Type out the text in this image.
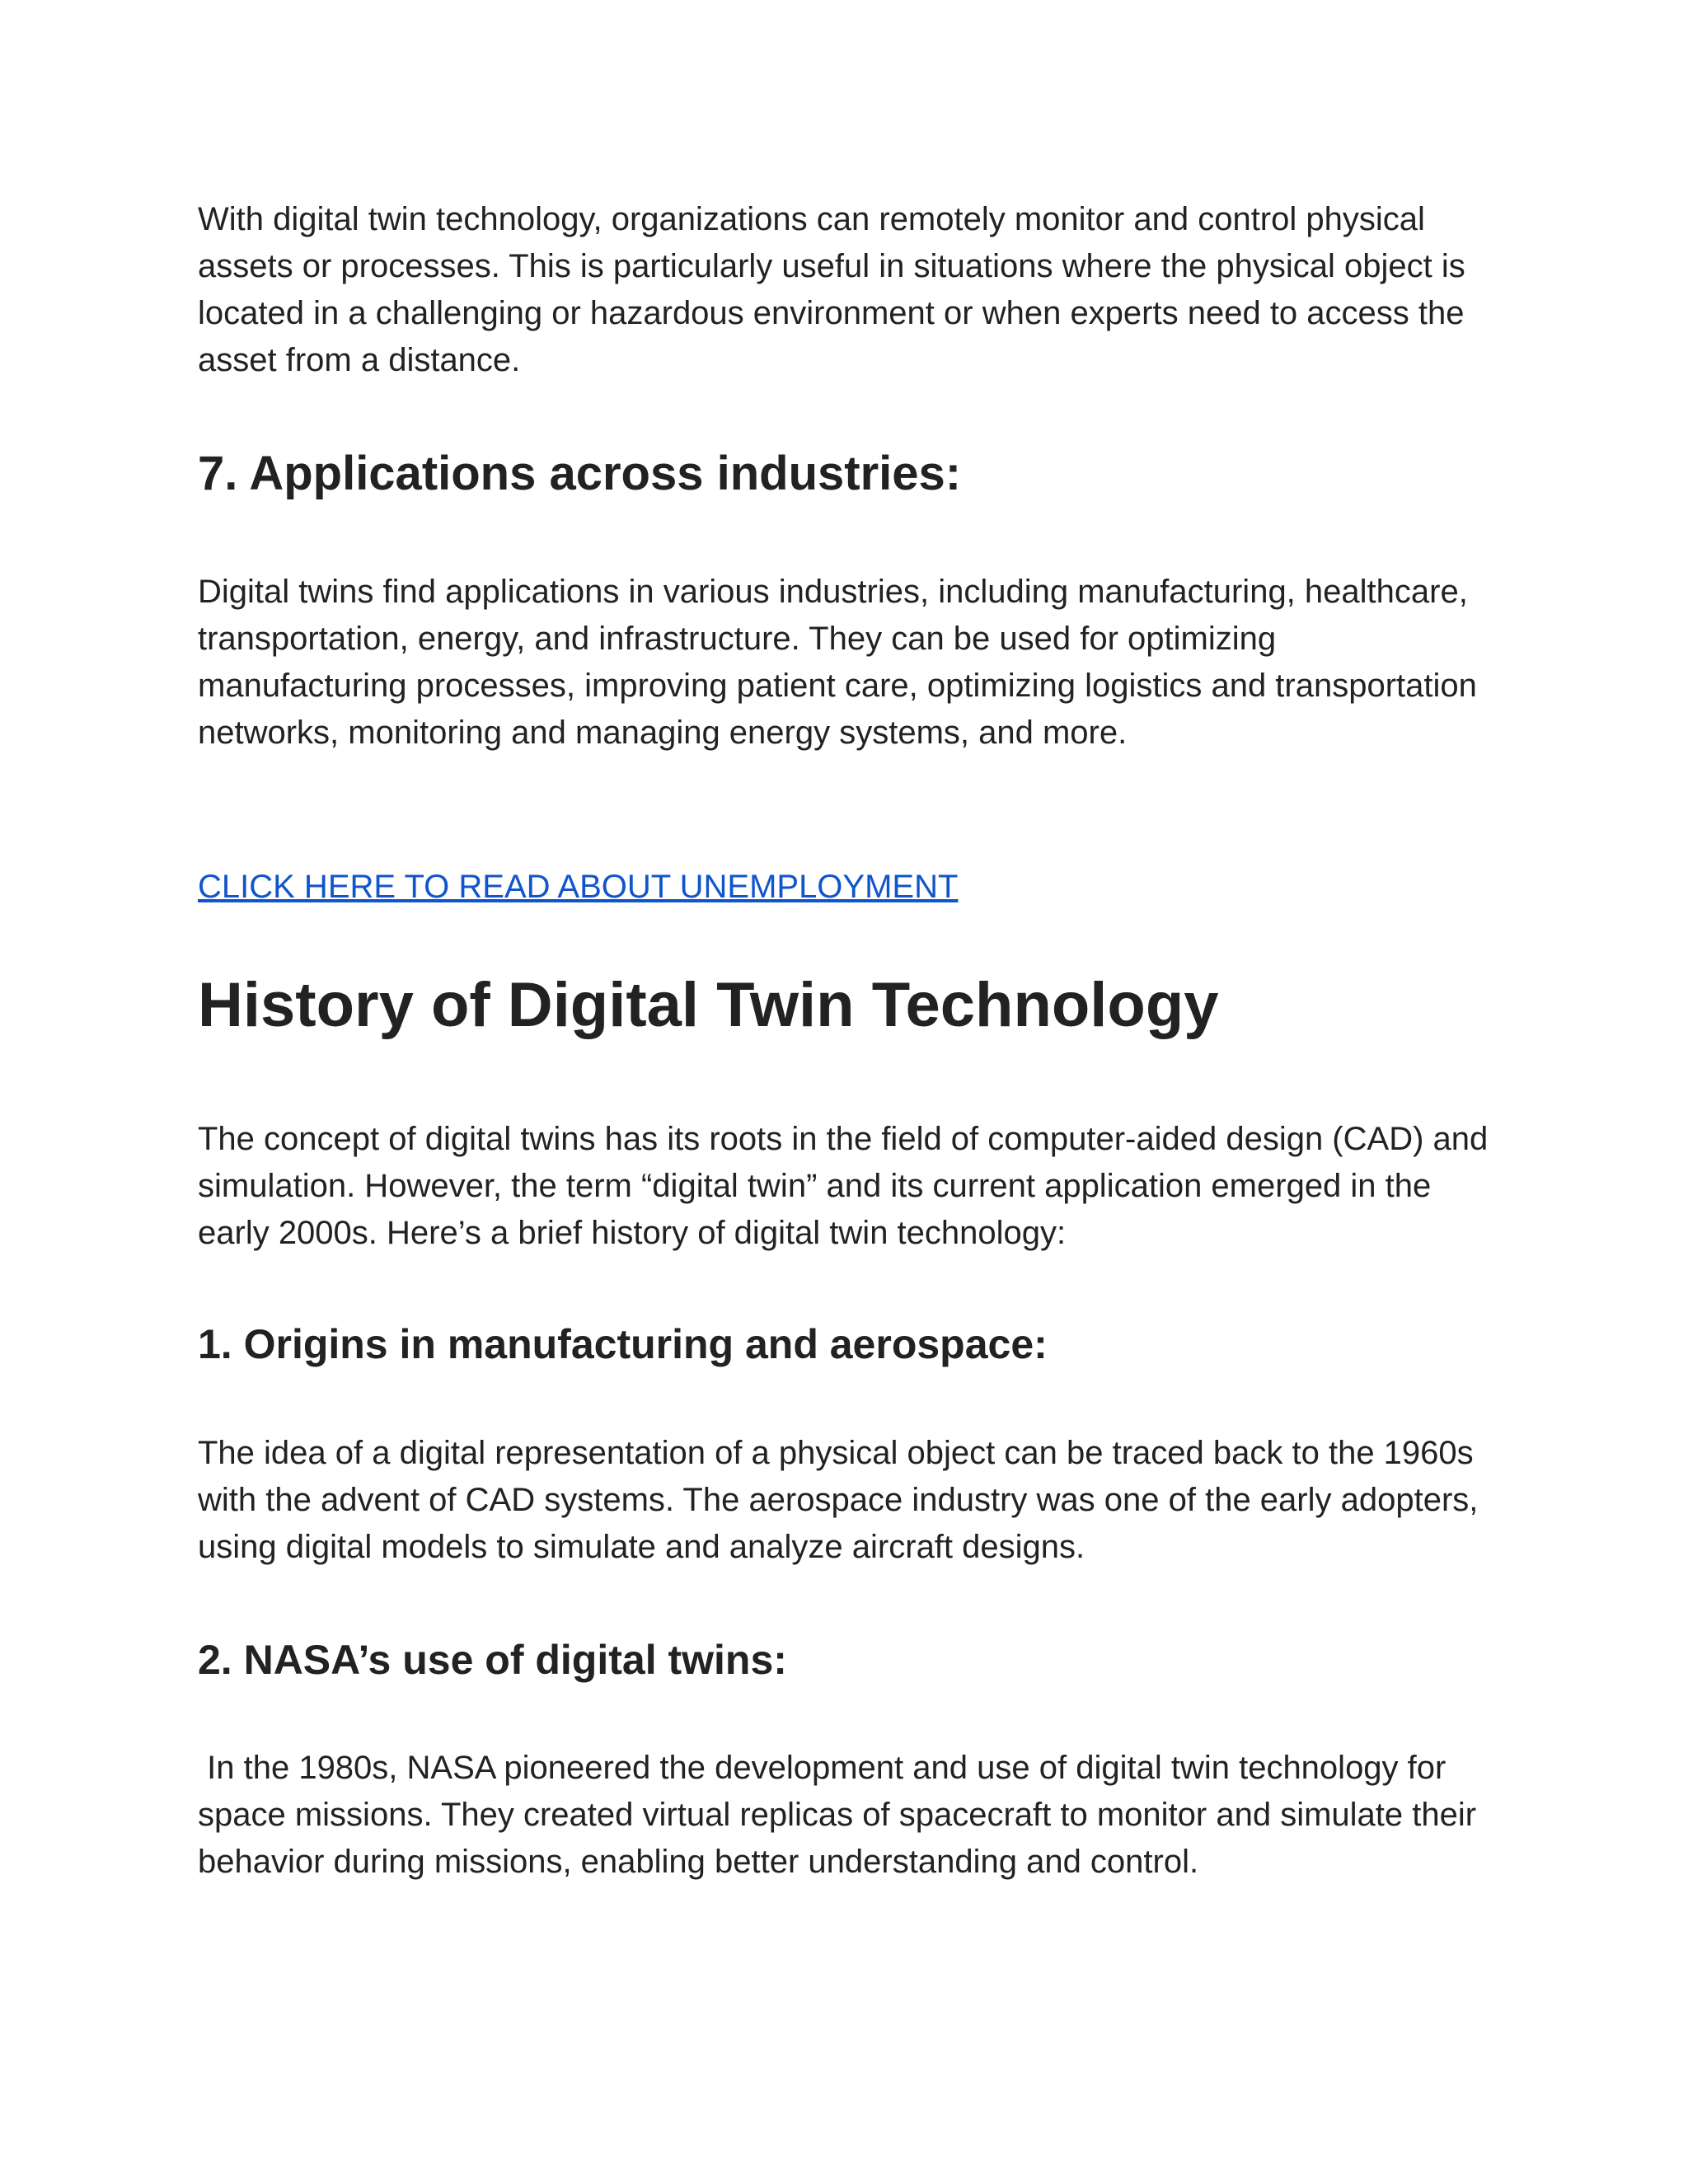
With digital twin technology, organizations can remotely monitor and control physical assets or processes. This is particularly useful in situations where the physical object is located in a challenging or hazardous environment or when experts need to access the asset from a distance.

7. Applications across industries:

Digital twins find applications in various industries, including manufacturing, healthcare, transportation, energy, and infrastructure. They can be used for optimizing manufacturing processes, improving patient care, optimizing logistics and transportation networks, monitoring and managing energy systems, and more.

CLICK HERE TO READ ABOUT UNEMPLOYMENT
History of Digital Twin Technology

The concept of digital twins has its roots in the field of computer-aided design (CAD) and simulation. However, the term “digital twin” and its current application emerged in the early 2000s. Here’s a brief history of digital twin technology:

1. Origins in manufacturing and aerospace:

The idea of a digital representation of a physical object can be traced back to the 1960s with the advent of CAD systems. The aerospace industry was one of the early adopters, using digital models to simulate and analyze aircraft designs.

2. NASA’s use of digital twins:

In the 1980s, NASA pioneered the development and use of digital twin technology for space missions. They created virtual replicas of spacecraft to monitor and simulate their behavior during missions, enabling better understanding and control.
